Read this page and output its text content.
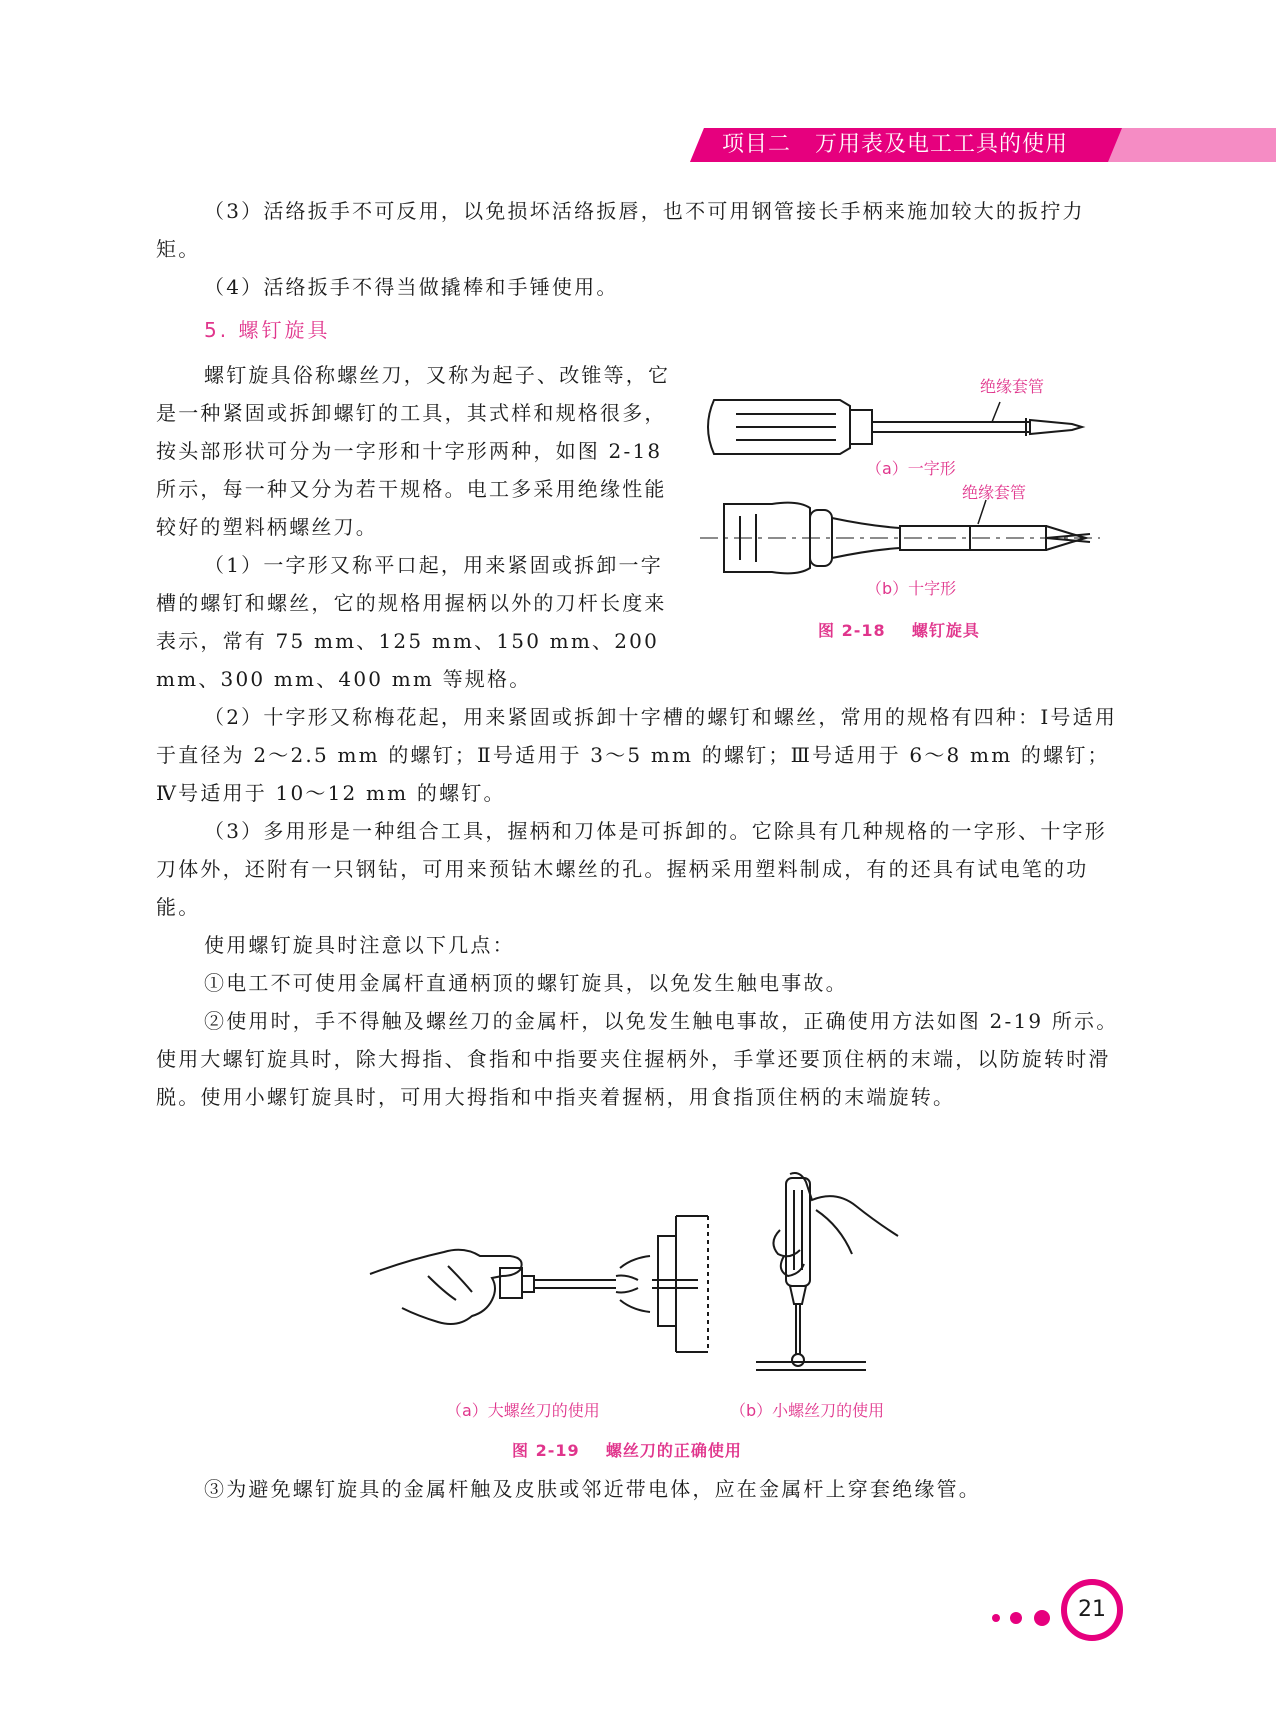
项目二   万用表及电工工具的使用

（3）活络扳手不可反用，以免损坏活络扳唇，也不可用钢管接长手柄来施加较大的扳拧力矩。

（4）活络扳手不得当做撬棒和手锤使用。

5. 螺钉旋具

螺钉旋具俗称螺丝刀，又称为起子、改锥等，它是一种紧固或拆卸螺钉的工具，其式样和规格很多，按头部形状可分为一字形和十字形两种，如图 2-18 所示，每一种又分为若干规格。电工多采用绝缘性能较好的塑料柄螺丝刀。

（1）一字形又称平口起，用来紧固或拆卸一字槽的螺钉和螺丝，它的规格用握柄以外的刀杆长度来表示，常有 75 mm、125 mm、150 mm、200 mm、300 mm、400 mm 等规格。

（2）十字形又称梅花起，用来紧固或拆卸十字槽的螺钉和螺丝，常用的规格有四种：Ⅰ号适用于直径为 2～2.5 mm 的螺钉；Ⅱ号适用于 3～5 mm 的螺钉；Ⅲ号适用于 6～8 mm 的螺钉；Ⅳ号适用于 10～12 mm 的螺钉。

（3）多用形是一种组合工具，握柄和刀体是可拆卸的。它除具有几种规格的一字形、十字形刀体外，还附有一只钢钻，可用来预钻木螺丝的孔。握柄采用塑料制成，有的还具有试电笔的功能。

使用螺钉旋具时注意以下几点：

①电工不可使用金属杆直通柄顶的螺钉旋具，以免发生触电事故。

②使用时，手不得触及螺丝刀的金属杆，以免发生触电事故，正确使用方法如图 2-19 所示。使用大螺钉旋具时，除大拇指、食指和中指要夹住握柄外，手掌还要顶住柄的末端，以防旋转时滑脱。使用小螺钉旋具时，可用大拇指和中指夹着握柄，用食指顶住柄的末端旋转。

③为避免螺钉旋具的金属杆触及皮肤或邻近带电体，应在金属杆上穿套绝缘管。

绝缘套管
（a）一字形
绝缘套管
（b）十字形
图 2-18    螺钉旋具
（a）大螺丝刀的使用	（b）小螺丝刀的使用
图 2-19    螺丝刀的正确使用
21
